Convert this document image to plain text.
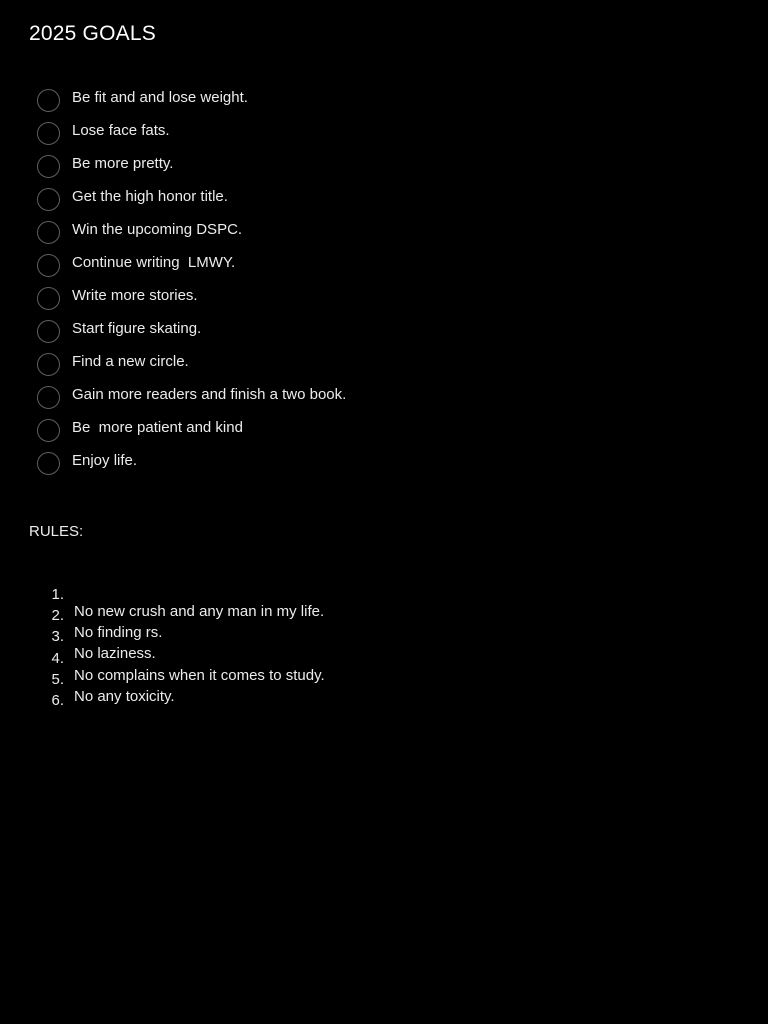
2025 GOALS
Be fit and and lose weight.
Lose face fats.
Be more pretty.
Get the high honor title.
Win the upcoming DSPC.
Continue writing  LMWY.
Write more stories.
Start figure skating.
Find a new circle.
Gain more readers and finish a two book.
Be  more patient and kind
Enjoy life.
RULES:

1.

No new crush and any man in my life.

2.

No finding rs.

3.

No laziness.

4.

No complains when it comes to study.

5.

No any toxicity.

6.
